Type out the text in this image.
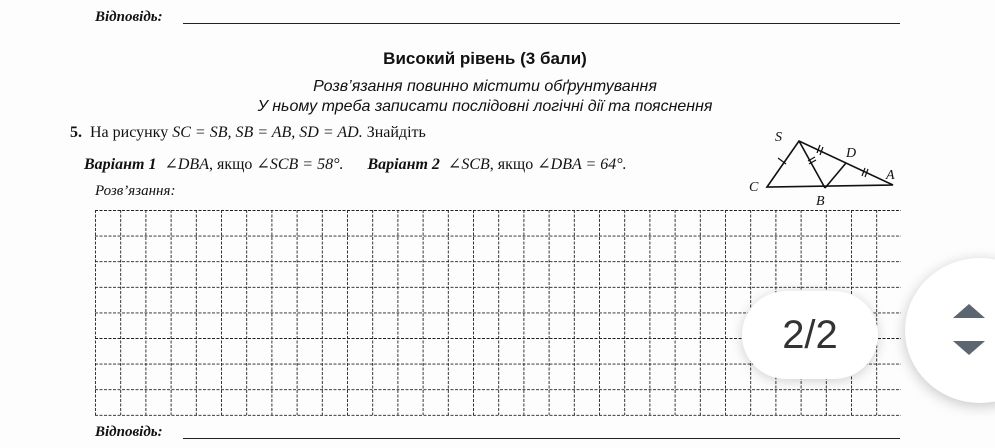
Відповідь:
Високий рівень (3 бали)
Розв’язання повинно містити обґрунтування
У ньому треба записати послідовні логічні дії та пояснення
5. На рисунку SC = SB, SB = AB, SD = AD. Знайдіть
Варіант 1 ∠DBA, якщо ∠SCB = 58°. Варіант 2 ∠SCB, якщо ∠DBA = 64°.
Розв’язання:
S
C
B
A
D
Відповідь:
2/2
